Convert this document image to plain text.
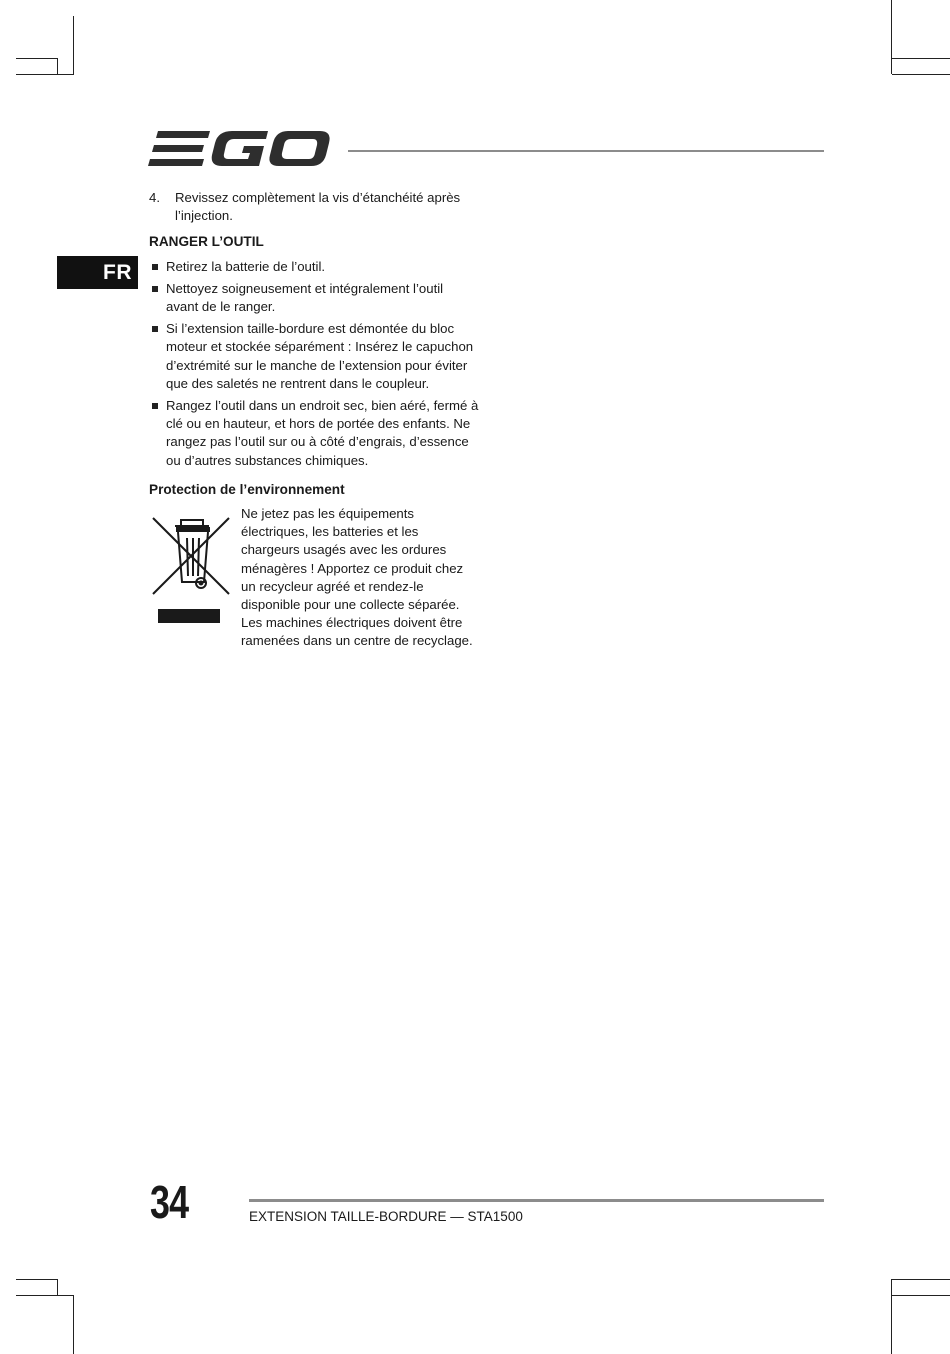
FR
4.	Revissez complètement la vis d’étanchéité après l’injection.

RANGER L’OUTIL

Retirez la batterie de l’outil.
Nettoyez soigneusement et intégralement l’outil avant de le ranger.
Si l’extension taille-bordure est démontée du bloc moteur et stockée séparément : Insérez le capuchon d’extrémité sur le manche de l’extension pour éviter que des saletés ne rentrent dans le coupleur.
Rangez l’outil dans un endroit sec, bien aéré, fermé à clé ou en hauteur, et hors de portée des enfants. Ne rangez pas l’outil sur ou à côté d’engrais, d’essence ou d’autres substances chimiques.

Protection de l’environnement

Ne jetez pas les équipements électriques, les batteries et les chargeurs usagés avec les ordures ménagères ! Apportez ce produit chez un recycleur agréé et rendez-le disponible pour une collecte séparée. Les machines électriques doivent être ramenées dans un centre de recyclage.
34	EXTENSION TAILLE-BORDURE — STA1500
